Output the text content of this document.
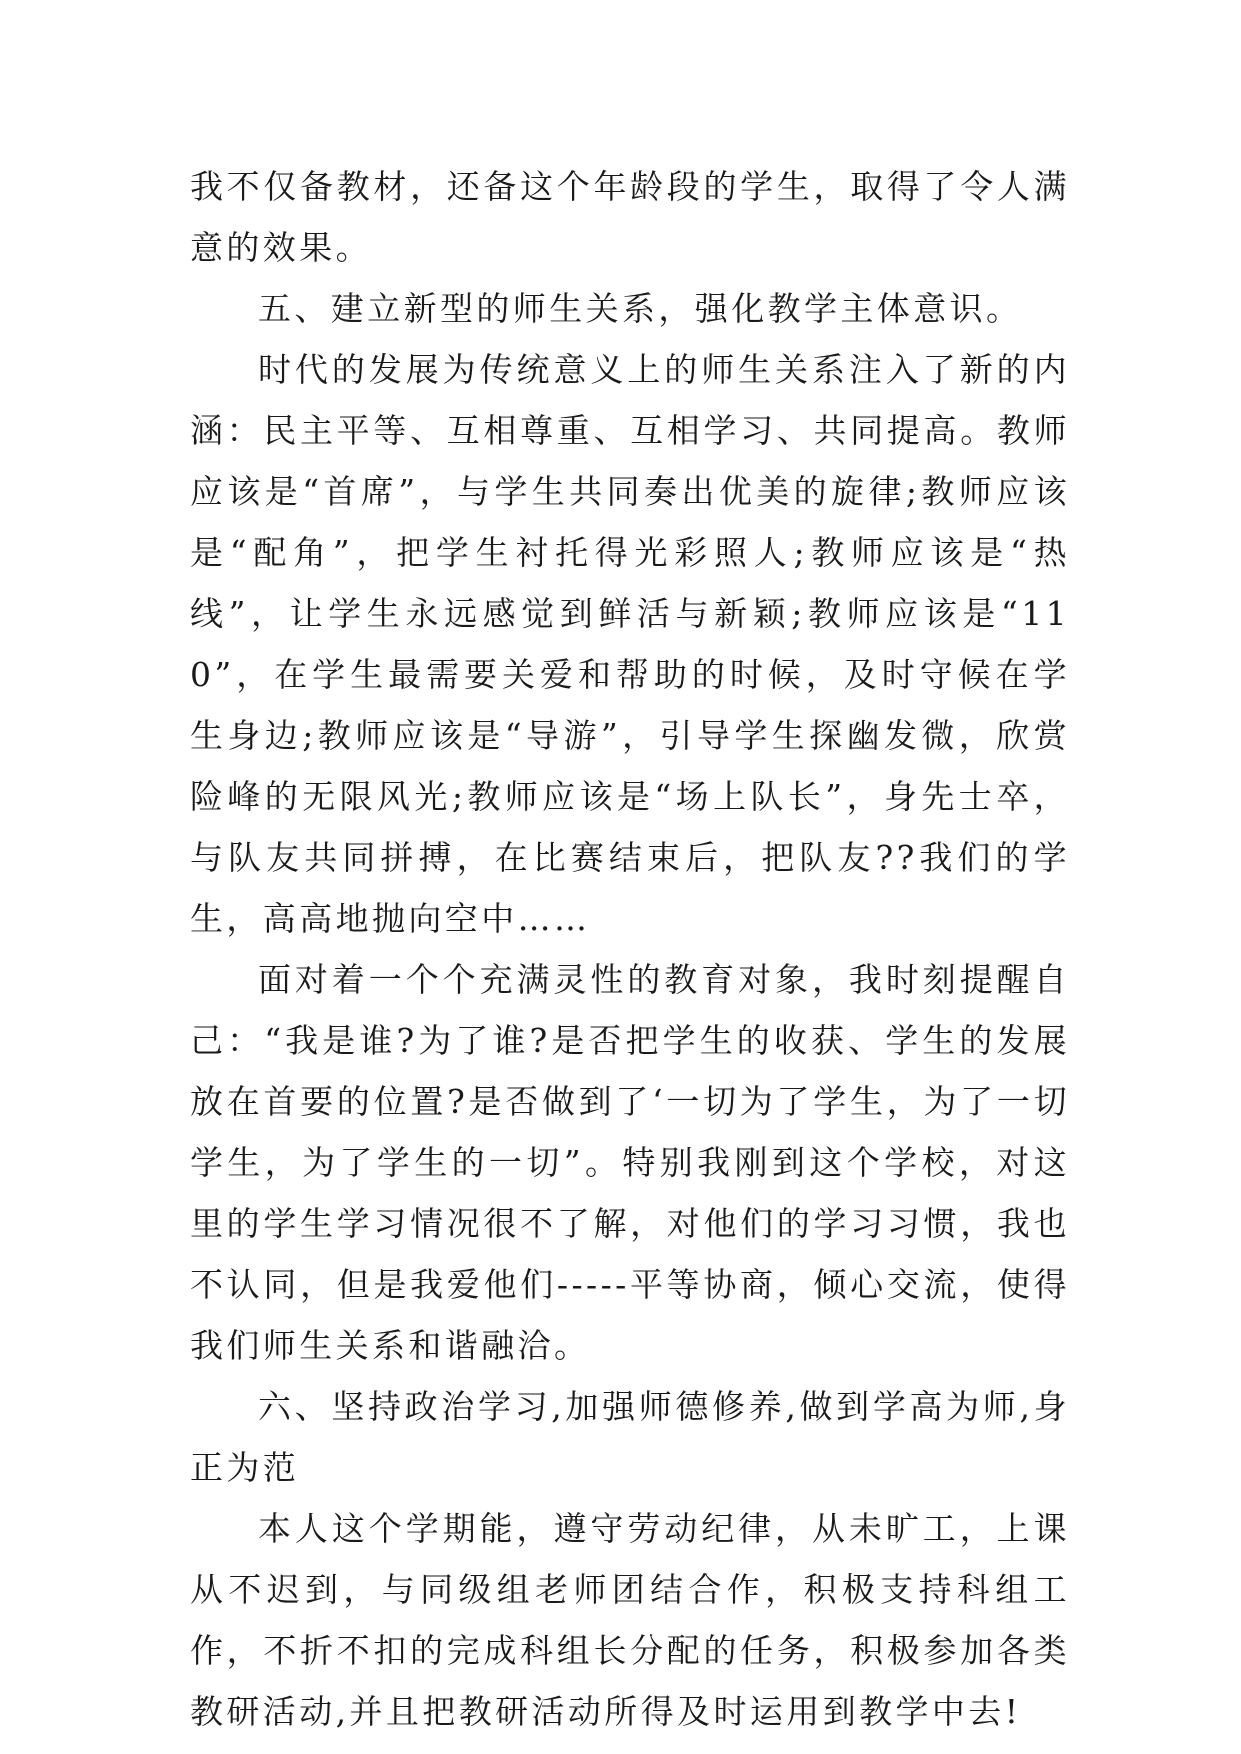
我不仅备教材，还备这个年龄段的学生，取得了令人满意的效果。

五、建立新型的师生关系，强化教学主体意识。

时代的发展为传统意义上的师生关系注入了新的内涵：民主平等、互相尊重、互相学习、共同提高。教师应该是“首席”，与学生共同奏出优美的旋律;教师应该是“配角”，把学生衬托得光彩照人;教师应该是“热线”，让学生永远感觉到鲜活与新颖;教师应该是“110”，在学生最需要关爱和帮助的时候，及时守候在学生身边;教师应该是“导游”，引导学生探幽发微，欣赏险峰的无限风光;教师应该是“场上队长”，身先士卒，与队友共同拼搏，在比赛结束后，把队友??我们的学生，高高地抛向空中……

面对着一个个充满灵性的教育对象，我时刻提醒自己：“我是谁?为了谁?是否把学生的收获、学生的发展放在首要的位置?是否做到了‘一切为了学生，为了一切学生，为了学生的一切”。特别我刚到这个学校，对这里的学生学习情况很不了解，对他们的学习习惯，我也不认同，但是我爱他们-----平等协商，倾心交流，使得我们师生关系和谐融洽。

六、坚持政治学习,加强师德修养,做到学高为师,身正为范

本人这个学期能，遵守劳动纪律，从未旷工，上课从不迟到，与同级组老师团结合作，积极支持科组工作，不折不扣的完成科组长分配的任务，积极参加各类教研活动,并且把教研活动所得及时运用到教学中去!
